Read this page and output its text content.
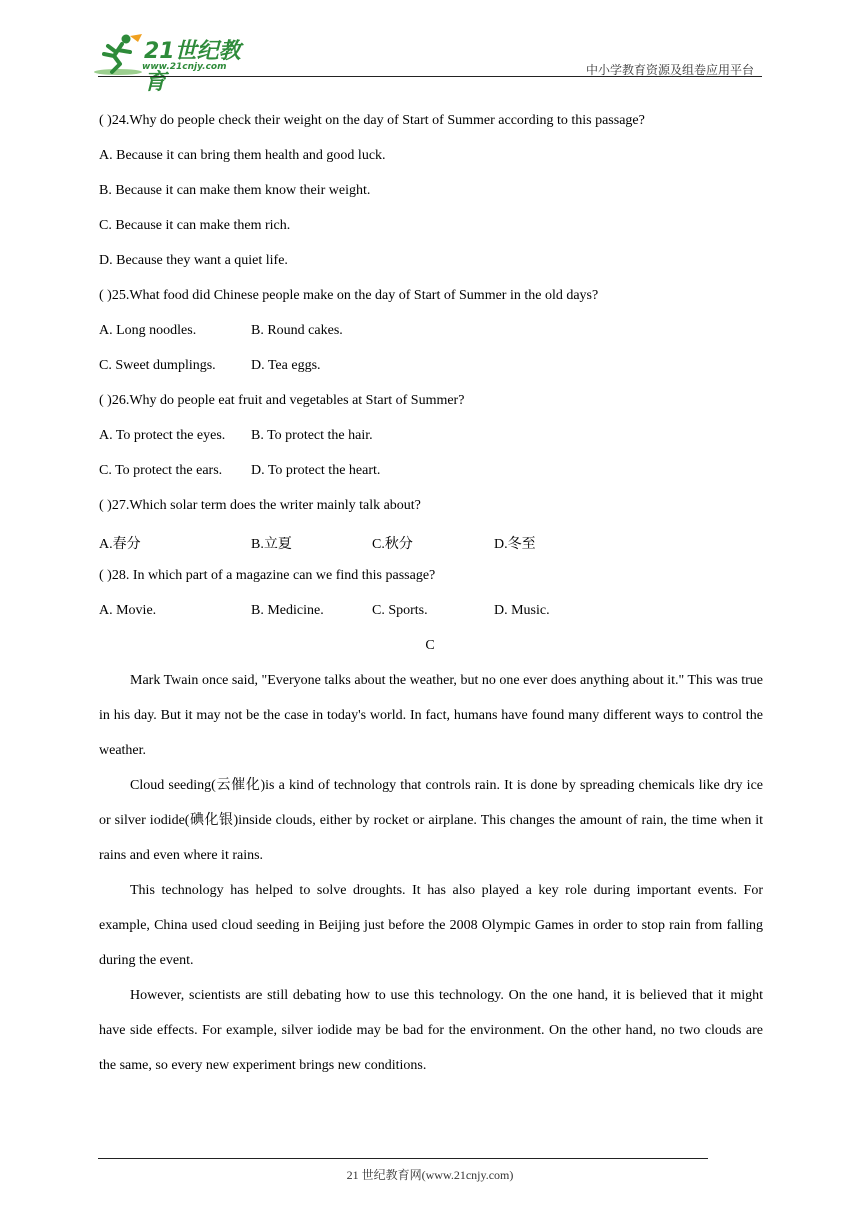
21世纪教育
www.21cnjy.com	中小学教育资源及组卷应用平台
( )24.Why do people check their weight on the day of Start of Summer according to this passage?
A. Because it can bring them health and good luck.
B. Because it can make them know their weight.
C. Because it can make them rich.
D. Because they want a quiet life.
( )25.What food did Chinese people make on the day of Start of Summer in the old days?
A. Long noodles.	B. Round cakes.
C. Sweet dumplings.	D. Tea eggs.
( )26.Why do people eat fruit and vegetables at Start of Summer?
A. To protect the eyes. B. To protect the hair.
C. To protect the ears. D. To protect the heart.
( )27.Which solar term does the writer mainly talk about?
A.春分	B.立夏	C.秋分	D.冬至
( )28. In which part of a magazine can we find this passage?
A. Movie.	B. Medicine.	C. Sports.	D. Music.
C
Mark Twain once said, "Everyone talks about the weather, but no one ever does anything about it." This was true in his day. But it may not be the case in today's world. In fact, humans have found many different ways to control the weather.
Cloud seeding(云催化)is a kind of technology that controls rain. It is done by spreading chemicals like dry ice or silver iodide(碘化银)inside clouds, either by rocket or airplane. This changes the amount of rain, the time when it rains and even where it rains.
This technology has helped to solve droughts. It has also played a key role during important events. For example, China used cloud seeding in Beijing just before the 2008 Olympic Games in order to stop rain from falling during the event.
However, scientists are still debating how to use this technology. On the one hand, it is believed that it might have side effects. For example, silver iodide may be bad for the environment. On the other hand, no two clouds are the same, so every new experiment brings new conditions.
21 世纪教育网(www.21cnjy.com)
